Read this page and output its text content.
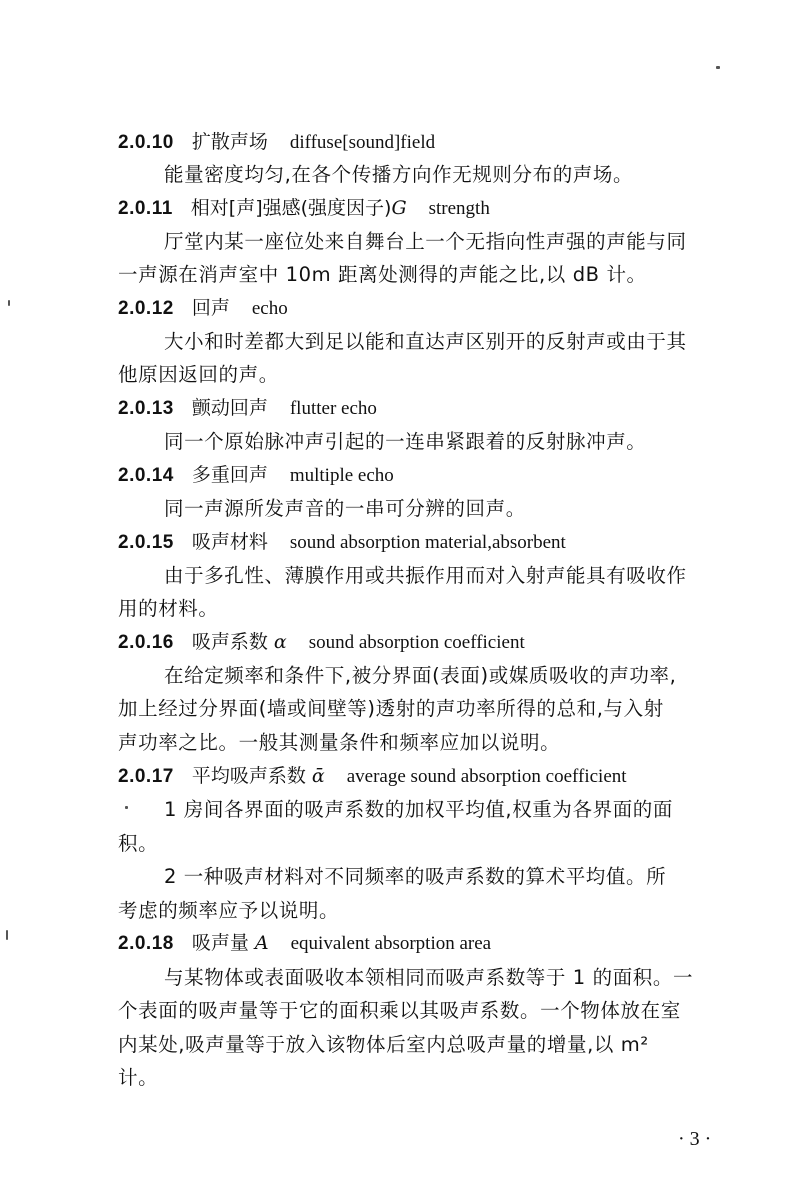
2.0.10 扩散声场 diffuse[sound]field
能量密度均匀,在各个传播方向作无规则分布的声场。
2.0.11 相对[声]强感(强度因子)G strength
厅堂内某一座位处来自舞台上一个无指向性声强的声能与同
一声源在消声室中 10m 距离处测得的声能之比,以 dB 计。
2.0.12 回声 echo
大小和时差都大到足以能和直达声区别开的反射声或由于其
他原因返回的声。
2.0.13 颤动回声 flutter echo
同一个原始脉冲声引起的一连串紧跟着的反射脉冲声。
2.0.14 多重回声 multiple echo
同一声源所发声音的一串可分辨的回声。
2.0.15 吸声材料 sound absorption material,absorbent
由于多孔性、薄膜作用或共振作用而对入射声能具有吸收作
用的材料。
2.0.16 吸声系数 α sound absorption coefficient
在给定频率和条件下,被分界面(表面)或媒质吸收的声功率,
加上经过分界面(墙或间壁等)透射的声功率所得的总和,与入射
声功率之比。一般其测量条件和频率应加以说明。
2.0.17 平均吸声系数 ᾱ average sound absorption coefficient
1 房间各界面的吸声系数的加权平均值,权重为各界面的面
积。
2 一种吸声材料对不同频率的吸声系数的算术平均值。所
考虑的频率应予以说明。
2.0.18 吸声量 A equivalent absorption area
与某物体或表面吸收本领相同而吸声系数等于 1 的面积。一
个表面的吸声量等于它的面积乘以其吸声系数。一个物体放在室
内某处,吸声量等于放入该物体后室内总吸声量的增量,以 m²
计。
· 3 ·
